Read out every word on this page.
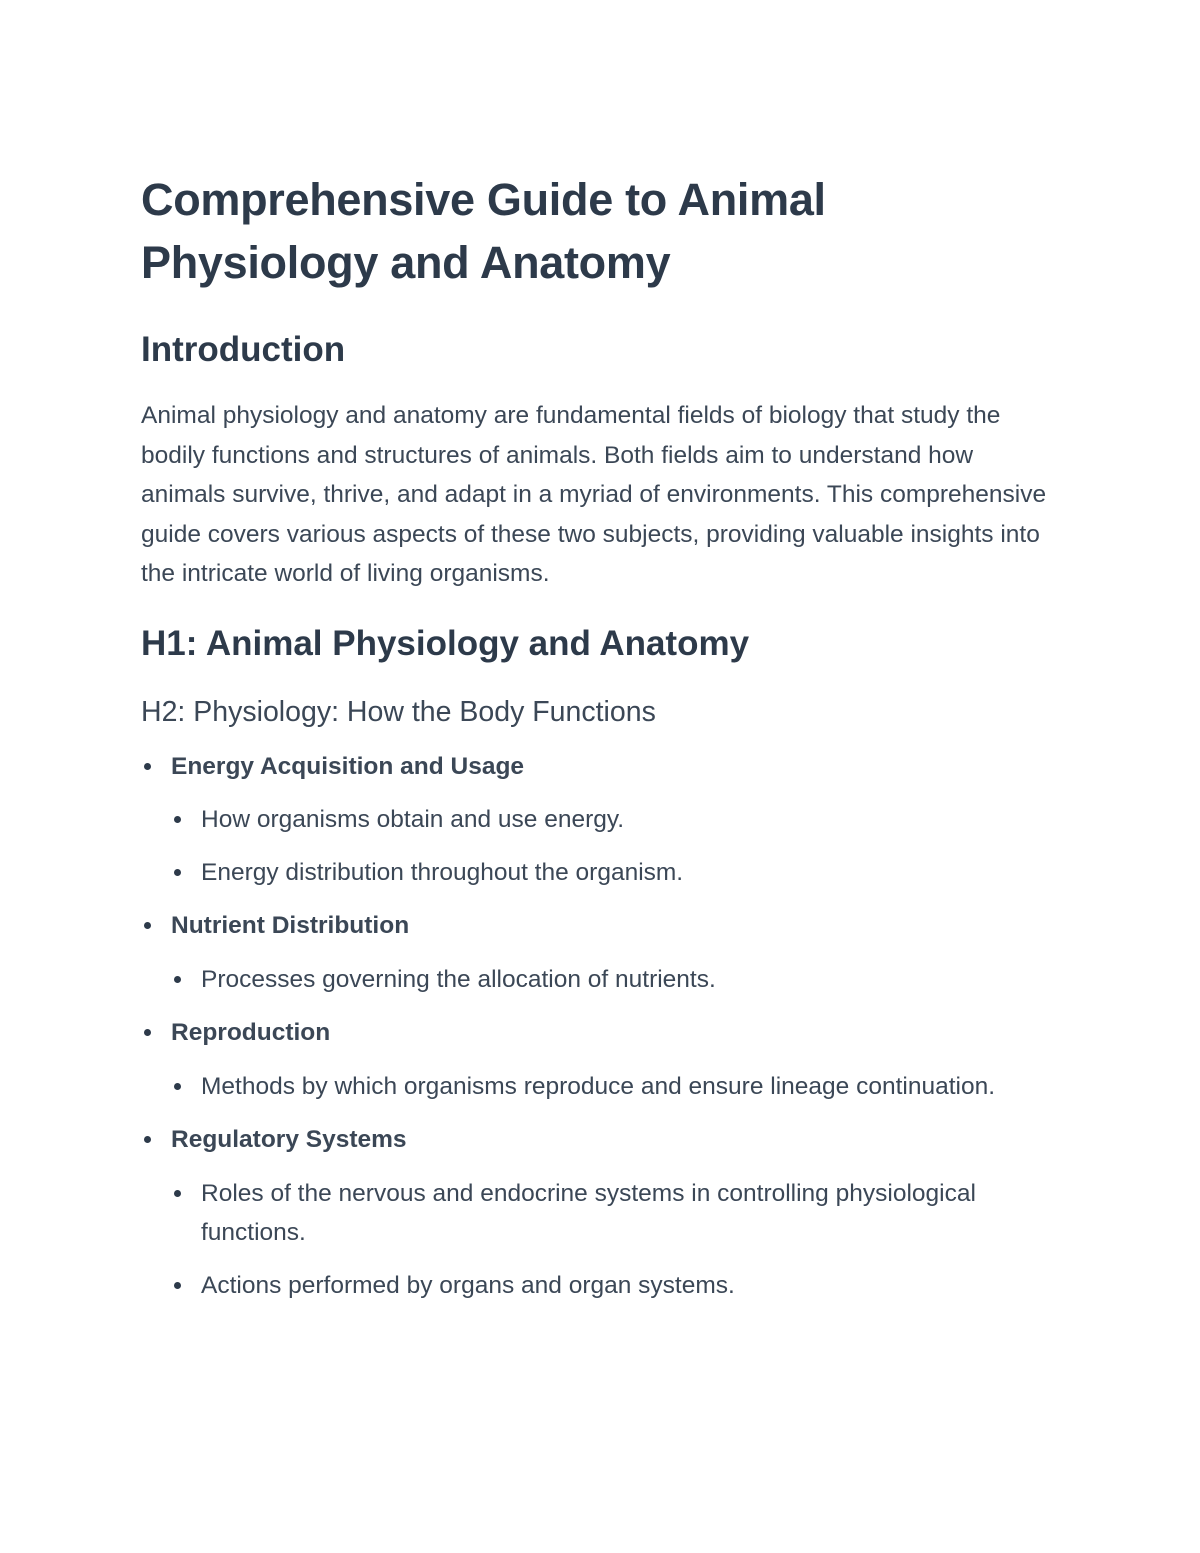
Comprehensive Guide to Animal Physiology and Anatomy
Introduction

Animal physiology and anatomy are fundamental fields of biology that study the bodily functions and structures of animals. Both fields aim to understand how animals survive, thrive, and adapt in a myriad of environments. This comprehensive guide covers various aspects of these two subjects, providing valuable insights into the intricate world of living organisms.

H1: Animal Physiology and Anatomy
H2: Physiology: How the Body Functions
Energy Acquisition and Usage
How organisms obtain and use energy.
Energy distribution throughout the organism.
Nutrient Distribution
Processes governing the allocation of nutrients.
Reproduction
Methods by which organisms reproduce and ensure lineage continuation.
Regulatory Systems
Roles of the nervous and endocrine systems in controlling physiological functions.
Actions performed by organs and organ systems.
